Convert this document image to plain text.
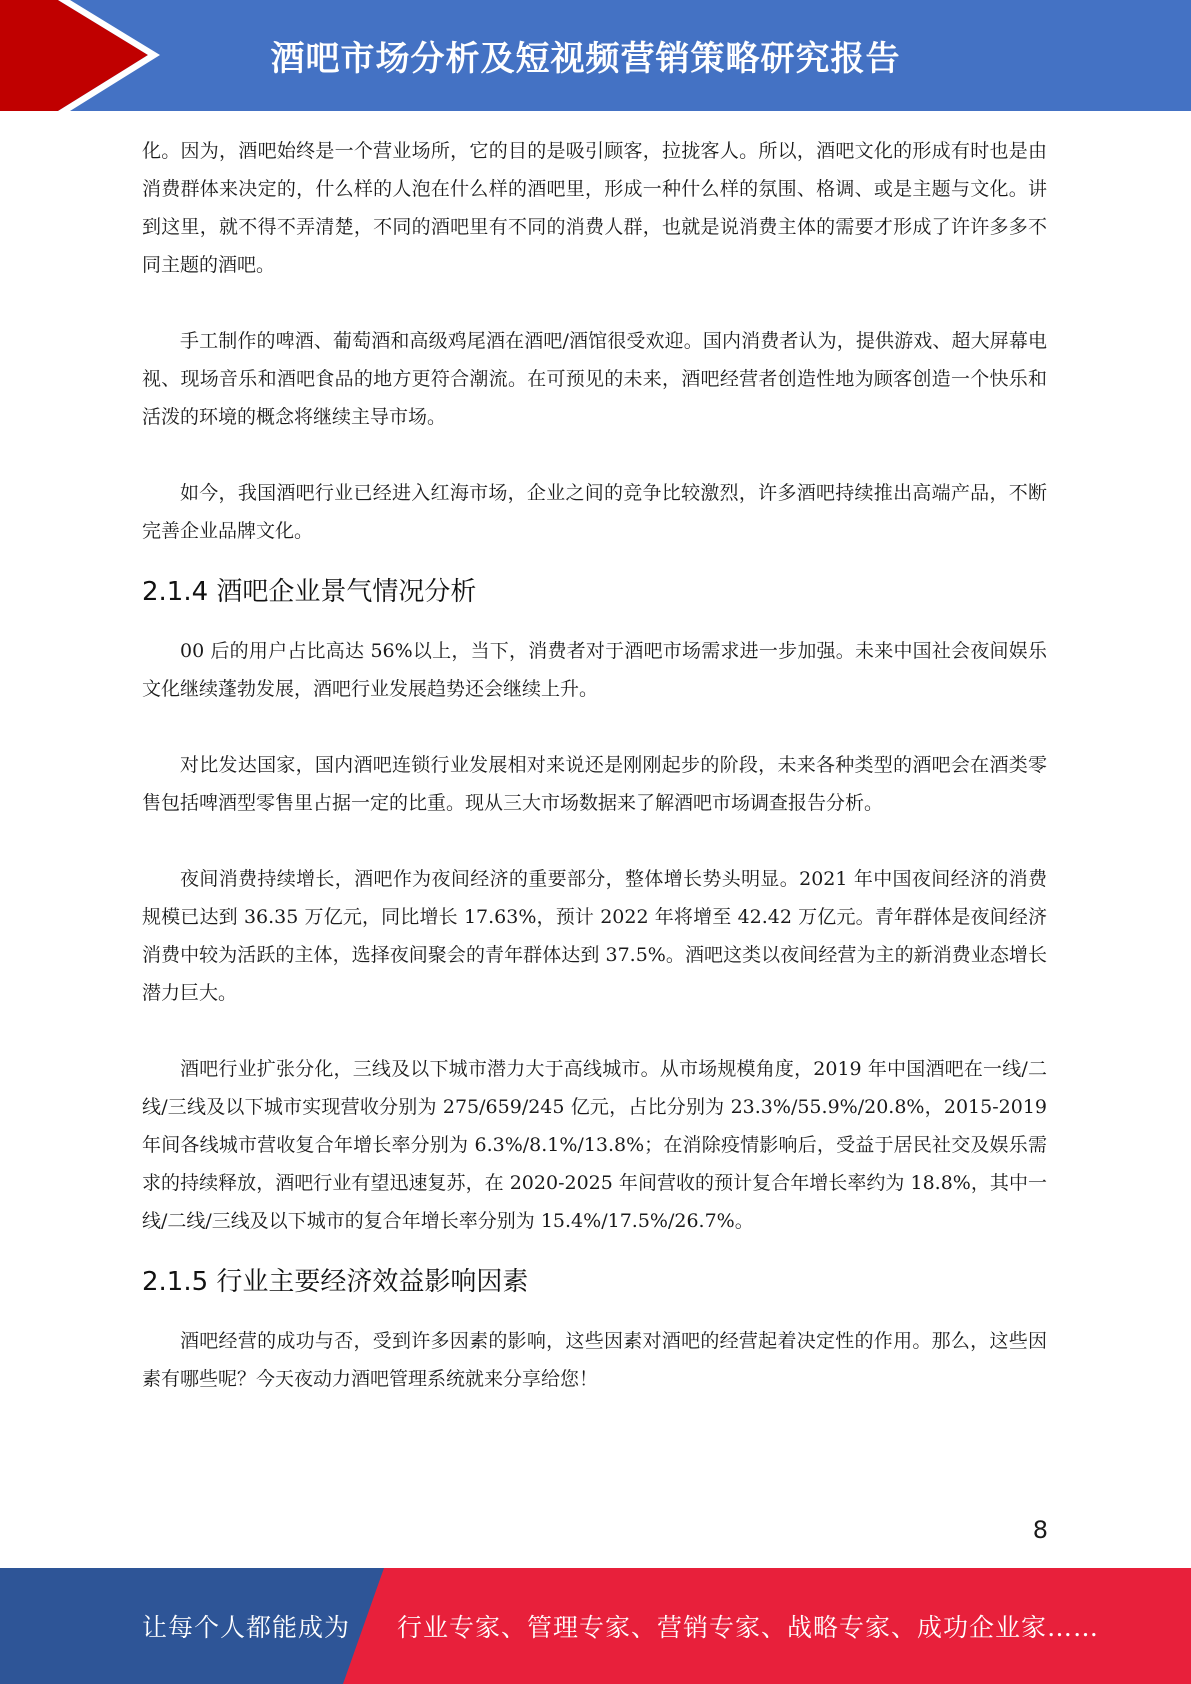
酒吧市场分析及短视频营销策略研究报告

化。因为，酒吧始终是一个营业场所，它的目的是吸引顾客，拉拢客人。所以，酒吧文化的形成有时也是由消费群体来决定的，什么样的人泡在什么样的酒吧里，形成一种什么样的氛围、格调、或是主题与文化。讲到这里，就不得不弄清楚，不同的酒吧里有不同的消费人群，也就是说消费主体的需要才形成了许许多多不同主题的酒吧。

手工制作的啤酒、葡萄酒和高级鸡尾酒在酒吧/酒馆很受欢迎。国内消费者认为，提供游戏、超大屏幕电视、现场音乐和酒吧食品的地方更符合潮流。在可预见的未来，酒吧经营者创造性地为顾客创造一个快乐和活泼的环境的概念将继续主导市场。

如今，我国酒吧行业已经进入红海市场，企业之间的竞争比较激烈，许多酒吧持续推出高端产品，不断完善企业品牌文化。

2.1.4 酒吧企业景气情况分析

00 后的用户占比高达 56%以上，当下，消费者对于酒吧市场需求进一步加强。未来中国社会夜间娱乐文化继续蓬勃发展，酒吧行业发展趋势还会继续上升。

对比发达国家，国内酒吧连锁行业发展相对来说还是刚刚起步的阶段，未来各种类型的酒吧会在酒类零售包括啤酒型零售里占据一定的比重。现从三大市场数据来了解酒吧市场调查报告分析。

夜间消费持续增长，酒吧作为夜间经济的重要部分，整体增长势头明显。2021 年中国夜间经济的消费规模已达到 36.35 万亿元，同比增长 17.63%，预计 2022 年将增至 42.42 万亿元。青年群体是夜间经济消费中较为活跃的主体，选择夜间聚会的青年群体达到 37.5%。酒吧这类以夜间经营为主的新消费业态增长潜力巨大。

酒吧行业扩张分化，三线及以下城市潜力大于高线城市。从市场规模角度，2019 年中国酒吧在一线/二线/三线及以下城市实现营收分别为 275/659/245 亿元，占比分别为 23.3%/55.9%/20.8%，2015-2019 年间各线城市营收复合年增长率分别为 6.3%/8.1%/13.8%；在消除疫情影响后，受益于居民社交及娱乐需求的持续释放，酒吧行业有望迅速复苏，在 2020-2025 年间营收的预计复合年增长率约为 18.8%，其中一线/二线/三线及以下城市的复合年增长率分别为 15.4%/17.5%/26.7%。

2.1.5 行业主要经济效益影响因素

酒吧经营的成功与否，受到许多因素的影响，这些因素对酒吧的经营起着决定性的作用。那么，这些因素有哪些呢？今天夜动力酒吧管理系统就来分享给您！

8
让每个人都能成为 行业专家、管理专家、营销专家、战略专家、成功企业家……
